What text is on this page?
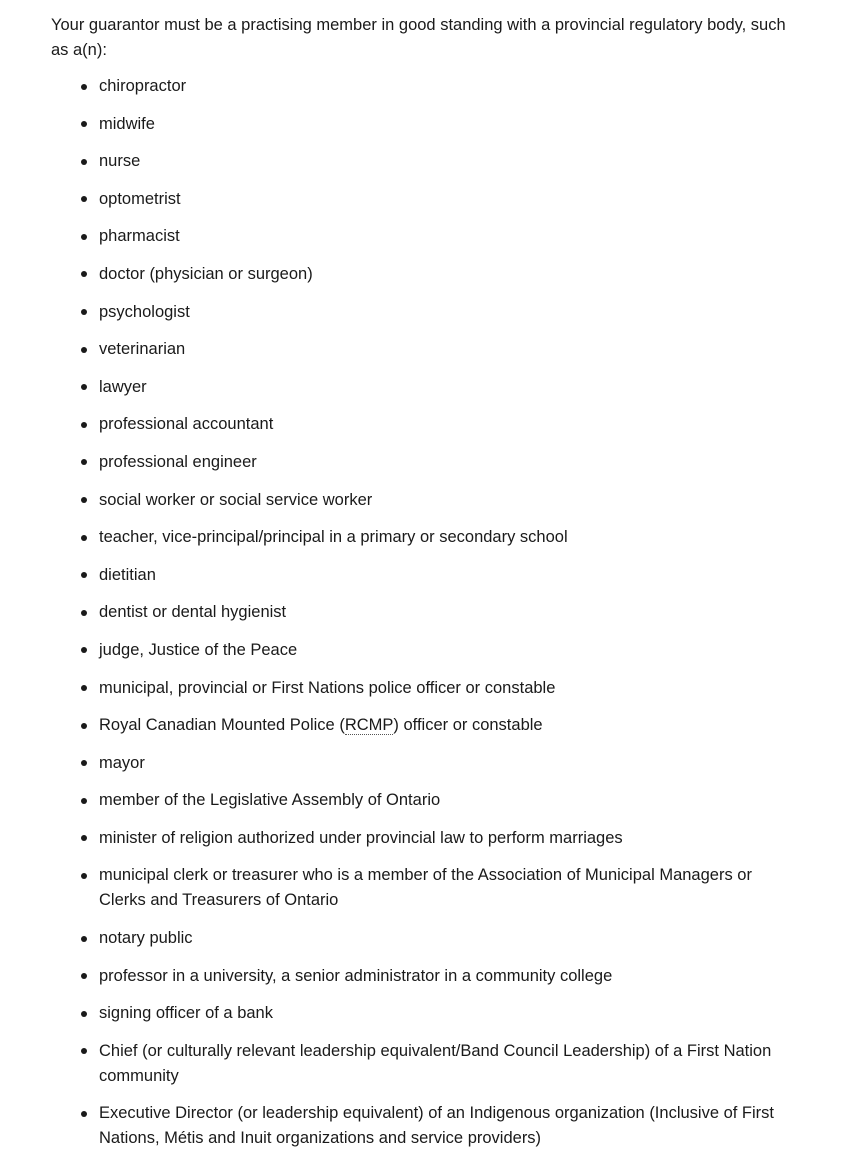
Your guarantor must be a practising member in good standing with a provincial regulatory body, such as a(n):

chiropractor
midwife
nurse
optometrist
pharmacist
doctor (physician or surgeon)
psychologist
veterinarian
lawyer
professional accountant
professional engineer
social worker or social service worker
teacher, vice-principal/principal in a primary or secondary school
dietitian
dentist or dental hygienist
judge, Justice of the Peace
municipal, provincial or First Nations police officer or constable
Royal Canadian Mounted Police (RCMP) officer or constable
mayor
member of the Legislative Assembly of Ontario
minister of religion authorized under provincial law to perform marriages
municipal clerk or treasurer who is a member of the Association of Municipal Managers or Clerks and Treasurers of Ontario
notary public
professor in a university, a senior administrator in a community college
signing officer of a bank
Chief (or culturally relevant leadership equivalent/Band Council Leadership) of a First Nation community
Executive Director (or leadership equivalent) of an Indigenous organization (Inclusive of First Nations, Métis and Inuit organizations and service providers)
